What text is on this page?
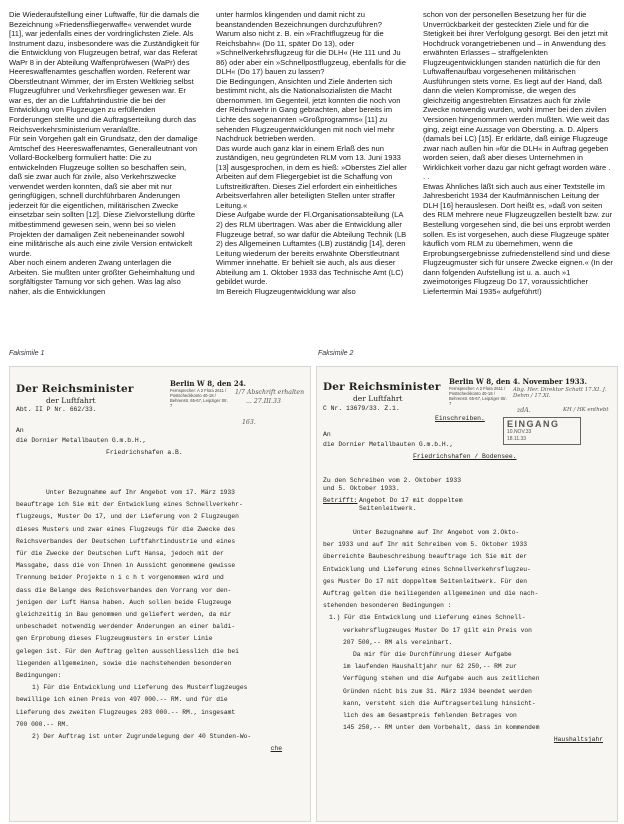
Die Wiederaufstellung einer Luftwaffe, für die damals die Bezeichnung »Friedensfliegerwaffe« verwendet wurde [11], war jedenfalls eines der vordringlichsten Ziele. Als Instrument dazu, insbesondere was die Zuständigkeit für die Entwicklung von Flugzeugen betraf, war das Referat WaPr 8 in der Abteilung Waffenprüfwesen (WaPr) des Heereswaffenamtes geschaffen worden. Referent war Oberstleutnant Wimmer, der im Ersten Weltkrieg selbst Flugzeugführer und Verkehrsflieger gewesen war. Er war es, der an die Luftfahrtindustrie die bei der Entwicklung von Flugzeugen zu erfüllenden Forderungen stellte und die Auftragserteilung durch das Reichsverkehrsministerium veranlaßte.

Für sein Vorgehen galt ein Grundsatz, den der damalige Amtschef des Heereswaffenamtes, Generalleutnant von Vollard-Bockelberg formuliert hatte: Die zu entwickelnden Flugzeuge sollten so beschaffen sein, daß sie zwar auch für zivile, also Verkehrszwecke verwendet werden konnten, daß sie aber mit nur geringfügigen, schnell durchführbaren Änderungen jederzeit für die eigentlichen, militärischen Zwecke einsetzbar sein sollten [12]. Diese Zielvorstellung dürfte mitbestimmend gewesen sein, wenn bei so vielen Projekten der damaligen Zeit nebeneinander sowohl eine militärische als auch eine zivile Version entwickelt wurde.

Aber noch einem anderen Zwang unterlagen die Arbeiten. Sie mußten unter größter Geheimhaltung und sorgfältigster Tarnung vor sich gehen. Was lag also näher, als die Entwicklungen

unter harmlos klingenden und damit nicht zu beanstandenden Bezeichnungen durchzuführen? Warum also nicht z. B. ein »Frachtflugzeug für die Reichsbahn« (Do 11, später Do 13), oder »Schnellverkehrsflugzeug für die DLH« (He 111 und Ju 86) oder aber ein »Schnellpostflugzeug, ebenfalls für die DLH« (Do 17) bauen zu lassen?

Die Bedingungen, Ansichten und Ziele änderten sich bestimmt nicht, als die Nationalsozialisten die Macht übernommen. Im Gegenteil, jetzt konnten die noch von der Reichswehr in Gang gebrachten, aber bereits im Lichte des sogenannten »Großprogramms« [11] zu sehenden Flugzeugentwicklungen mit noch viel mehr Nachdruck betrieben werden.

Das wurde auch ganz klar in einem Erlaß des nun zuständigen, neu gegründeten RLM vom 13. Juni 1933 [13] ausgesprochen, in dem es hieß: »Oberstes Ziel aller Arbeiten auf dem Fliegergebiet ist die Schaffung von Luftstreitkräften. Dieses Ziel erfordert ein einheitliches Arbeitsverfahren aller beteiligten Stellen unter straffer Leitung.«

Diese Aufgabe wurde der Fl.Organisationsabteilung (LA 2) des RLM übertragen. Was aber die Entwicklung aller Flugzeuge betraf, so war dafür die Abteilung Technik (LB 2) des Allgemeinen Luftamtes (LB) zuständig [14], deren Leitung wiederum der bereits erwähnte Oberstleutnant Wimmer innehatte. Er behielt sie auch, als aus dieser Abteilung am 1. Oktober 1933 das Technische Amt (LC) gebildet wurde.

Im Bereich Flugzeugentwicklung war also

schon von der personellen Besetzung her für die Unverrückbarkeit der gesteckten Ziele und für die Stetigkeit bei ihrer Verfolgung gesorgt. Bei den jetzt mit Hochdruck vorangetriebenen und – in Anwendung des erwähnten Erlasses – straffgelenkten Flugzeugentwicklungen standen natürlich die für den Luftwaffenaufbau vorgesehenen militärischen Ausführungen stets vorne. Es liegt auf der Hand, daß dann die vielen Kompromisse, die wegen des gleichzeitig angestrebten Einsatzes auch für zivile Zwecke notwendig wurden, wohl immer bei den zivilen Versionen hingenommen werden mußten. Wie weit das ging, zeigt eine Aussage von Obersting. a. D. Alpers (damals bei LC) [15]. Er erklärte, daß einige Flugzeuge zwar nach außen hin »für die DLH« in Auftrag gegeben worden seien, daß aber dieses Unternehmen in Wirklichkeit vorher dazu gar nicht gefragt worden wäre . . .

Etwas Ähnliches läßt sich auch aus einer Textstelle im Jahresbericht 1934 der Kaufmännischen Leitung der DLH [16] herauslesen. Dort heißt es, »daß von seiten des RLM mehrere neue Flugzeugzellen bestellt bzw. zur Bestellung vorgesehen sind, die bei uns erprobt werden sollen. Es ist vorgesehen, auch diese Flugzeuge später käuflich vom RLM zu übernehmen, wenn die Erprobungsergebnisse zufriedenstellend sind und diese Flugzeugmuster sich für unsere Zwecke eignen.« (In der dann folgenden Aufstellung ist u. a. auch »1 zweimotoriges Flugzeug Do 17, voraussichtlicher Liefertermin Mai 1935« aufgeführt!)

Faksimile 1	Faksimile 2
Der Reichsminister
der Luftfahrt
Abt. II P Nr. 662/33.
Berlin W 8, den 24.
Fernsprecher: A 2 Flora 2611 / Postscheckkonto 40-18 / Behrenstr. 65-67, Leipziger Str. 7
1/7 Abschrift erhalten
... 27.III.33
163.
An
die Dornier Metallbauten G.m.b.H.,
Friedrichshafen a.B.
Unter Bezugnahme auf Ihr Angebot vom 17. März 1933
beauftrage ich Sie mit der Entwicklung eines Schnellverkehr-
flugzeugs, Muster Do 17, und der Lieferung von 2 Flugzeugen
dieses Musters und zwar eines Flugzeugs für die Zwecke des
Reichsverbandes der Deutschen Luftfahrtindustrie und eines
für die Zwecke der Deutschen Luft Hansa, jedoch mit der
Massgabe, dass die von Ihnen in Aussicht genommene gewisse
Trennung beider Projekte n i c h t vorgenommen wird und
dass die Belange des Reichsverbandes den Vorrang vor den-
jenigen der Luft Hansa haben. Auch sollen beide Flugzeuge
gleichzeitig in Bau genommen und geliefert werden, da mir
unbeschadet notwendig werdender Änderungen an einer baldi-
gen Erprobung dieses Flugzeugmusters in erster Linie
gelegen ist. Für den Auftrag gelten ausschliesslich die bei
liegenden allgemeinen, sowie die nachstehenden besonderen
Bedingungen:
1) Für die Entwicklung und Lieferung des Musterflugzeuges
bewillige ich einen Preis von 497 000.-- RM. und für die
Lieferung des zweiten Flugzeuges 203 000.-- RM., insgesamt
700 000.-- RM.
2) Der Auftrag ist unter Zugrundelegung der 40 Stunden-Wo-
che
Der Reichsminister
der Luftfahrt
C Nr. 13679/33. Z.1.
Berlin W 8, den 4. November 1933.
Fernsprecher: A 2 Flora 2611 / Postscheckkonto 40-18 / Behrenstr. 65-67, Leipziger Str. 7
Abg. Her. Direktor Schatt 17.XI. J. Dehm / 17.XI.
zdA.	KH / HK enthebt
Einschreiben.
EINGANG
10.NOV.33
18.11.33
An
die Dornier Metallbauten G.m.b.H.,
Friedrichshafen / Bodensee.
Zu den Schreiben vom 2. Oktober 1933
und 5. Oktober 1933.
Betrifft: Angebot Do 17 mit doppeltem
Seitenleitwerk.
Unter Bezugnahme auf Ihr Angebot vom 2.Okto-
ber 1933 und auf Ihr mit Schreiben vom 5. Oktober 1933
überreichte Baubeschreibung beauftrage ich Sie mit der
Entwicklung und Lieferung eines Schnellverkehrsflugzeu-
ges Muster Do 17 mit doppeltem Seitenleitwerk. Für den
Auftrag gelten die beiliegenden allgemeinen und die nach-
stehenden besonderen Bedingungen :
1.) Für die Entwicklung und Lieferung eines Schnell-
verkehrsflugzeuges Muster Do 17 gilt ein Preis von
207 500,-- RM als vereinbart.
Da mir für die Durchführung dieser Aufgabe
im laufenden Haushaltjahr nur 62 250,-- RM zur
Verfügung stehen und die Aufgabe auch aus zeitlichen
Gründen nicht bis zum 31. März 1934 beendet werden
kann, versteht sich die Auftragserteilung hinsicht-
lich des am Gesamtpreis fehlenden Betrages von
145 250,-- RM unter dem Vorbehalt, dass in kommendem
Haushaltsjahr
